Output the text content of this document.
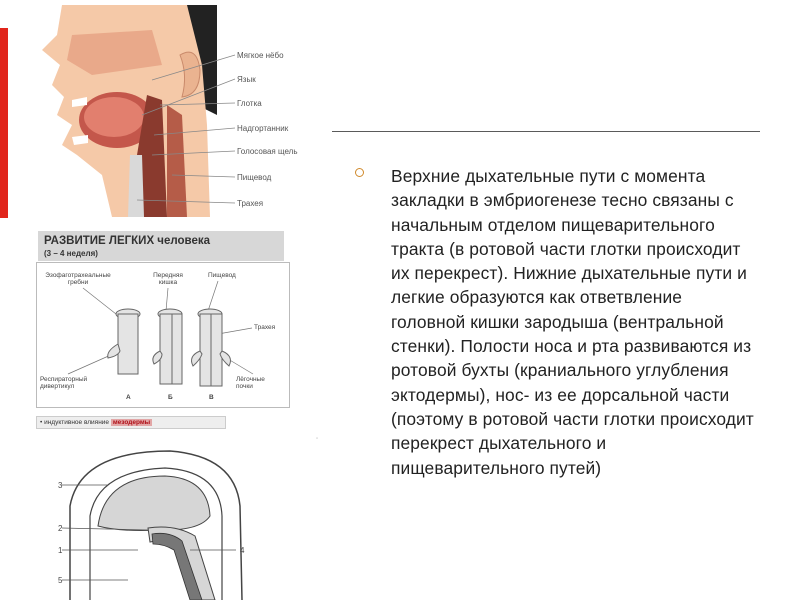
Мягкое нёбо
Язык
Глотка
Надгортанник
Голосовая щель
Пищевод
Трахея
РАЗВИТИЕ ЛЕГКИХ человека
(3 – 4 неделя)
Эзофаготрахеальные гребни
Передняя кишка
Пищевод
Трахея
Респираторный дивертикул
Лёгочные почки
А	Б	В
• индуктивное влияние мезодермы
▫
3
2
1
5
4

Верхние дыхательные пути с момента закладки в эмбриогенезе тесно связаны с начальным отделом пищеварительного тракта (в ротовой части глотки происходит их перекрест). Нижние дыхательные пути и легкие образуются как ответвление головной кишки зародыша (вентральной стенки). Полости носа и рта развиваются из ротовой бухты (краниального углубления эктодермы), нос- из ее дорсальной части (поэтому в ротовой части глотки происходит перекрест дыхательного и пищеварительного путей)
